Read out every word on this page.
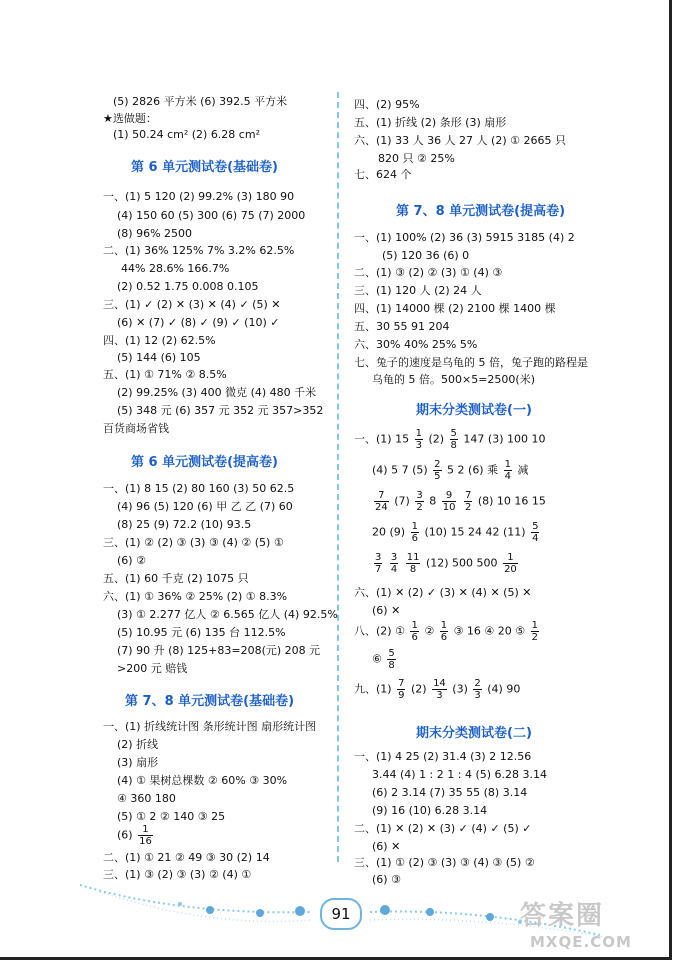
(5) 2826 平方米 (6) 392.5 平方米
★选做题：
(1) 50.24 cm² (2) 6.28 cm²
第 6 单元测试卷(基础卷)
一、(1) 5 120 (2) 99.2% (3) 180 90
(4) 150 60 (5) 300 (6) 75 (7) 2000
(8) 96% 2500
二、(1) 36% 125% 7% 3.2% 62.5%
44% 28.6% 166.7%
(2) 0.52 1.75 0.008 0.105
三、(1) ✓ (2) ✕ (3) ✕ (4) ✓ (5) ✕
(6) ✕ (7) ✓ (8) ✓ (9) ✓ (10) ✓
四、(1) 12 (2) 62.5%
(5) 144 (6) 105
五、(1) ① 71% ② 8.5%
(2) 99.25% (3) 400 微克 (4) 480 千米
(5) 348 元 (6) 357 元 352 元 357>352
百货商场省钱
第 6 单元测试卷(提高卷)
一、(1) 8 15 (2) 80 160 (3) 50 62.5
(4) 96 (5) 120 (6) 甲 乙 乙 (7) 60
(8) 25 (9) 72.2 (10) 93.5
三、(1) ② (2) ③ (3) ③ (4) ② (5) ①
(6) ②
五、(1) 60 千克 (2) 1075 只
六、(1) ① 36% ② 25% (2) ① 8.3%
(3) ① 2.277 亿人 ② 6.565 亿人 (4) 92.5%
(5) 10.95 元 (6) 135 台 112.5%
(7) 90 升 (8) 125+83=208(元) 208 元
>200 元 赔钱
第 7、8 单元测试卷(基础卷)
一、(1) 折线统计图 条形统计图 扇形统计图
(2) 折线
(3) 扇形
(4) ① 果树总棵数 ② 60% ③ 30%
④ 360 180
(5) ① 2 ② 140 ③ 25
$(6) \frac{1}{16}$
二、(1) ① 21 ② 49 ③ 30 (2) 14
三、(1) ③ (2) ③ (3) ② (4) ①
四、(2) 95%
五、(1) 折线 (2) 条形 (3) 扇形
六、(1) 33 人 36 人 27 人 (2) ① 2665 只
820 只 ② 25%
七、624 个
第 7、8 单元测试卷(提高卷)
一、(1) 100% (2) 36 (3) 5915 3185 (4) 2
(5) 120 36 (6) 0
二、(1) ③ (2) ② (3) ① (4) ③
三、(1) 120 人 (2) 24 人
四、(1) 14000 棵 (2) 2100 棵 1400 棵
五、30 55 91 204
六、30% 40% 25% 5%
七、兔子的速度是乌龟的 5 倍，兔子跑的路程是
乌龟的 5 倍。500×5=2500(米)
期末分类测试卷(一)
一、(1) $15 \frac{1}{3} (2) \frac{5}{8} 147$ (3) 100 10
(4) 5 7 $(5) \frac{2}{5} 5$ 2 (6) 乘 $\frac{1}{4}$ 减
$\frac{7}{24} (7) \frac{3}{2} 8 \frac{9}{10}$
$\frac{7}{2} (8)$ 10 16 15
20 $(9) \frac{1}{6} (10)$ 15 24 42 $(11) \frac{5}{4}$
$\frac{3}{7}$
$\frac{3}{4}$
$\frac{11}{8} (12)$ 500 $500 \frac{1}{20}$
六、(1) ✕ (2) ✓ (3) ✕ (4) ✕ (5) ✕
(6) ✕
八、(2) ① $\frac{1}{6}$ ② $\frac{1}{6}$ ③ 16 ④ 20 ⑤ $\frac{1}{2}$
⑥ $\frac{5}{8}$
九、$(1) \frac{7}{9} (2) \frac{14}{3} (3) \frac{2}{3} (4)$ 90
期末分类测试卷(二)
一、(1) 4 25 (2) 31.4 (3) 2 12.56
3.44 (4) 1 : 2 1 : 4 (5) 6.28 3.14
(6) 2 3.14 (7) 35 55 (8) 3.14
(9) 16 (10) 6.28 3.14
二、(1) ✕ (2) ✕ (3) ✓ (4) ✓ (5) ✓
(6) ✕
三、(1) ① (2) ③ (3) ③ (4) ③ (5) ②
(6) ③
91	答案圈
MXQE.COM
